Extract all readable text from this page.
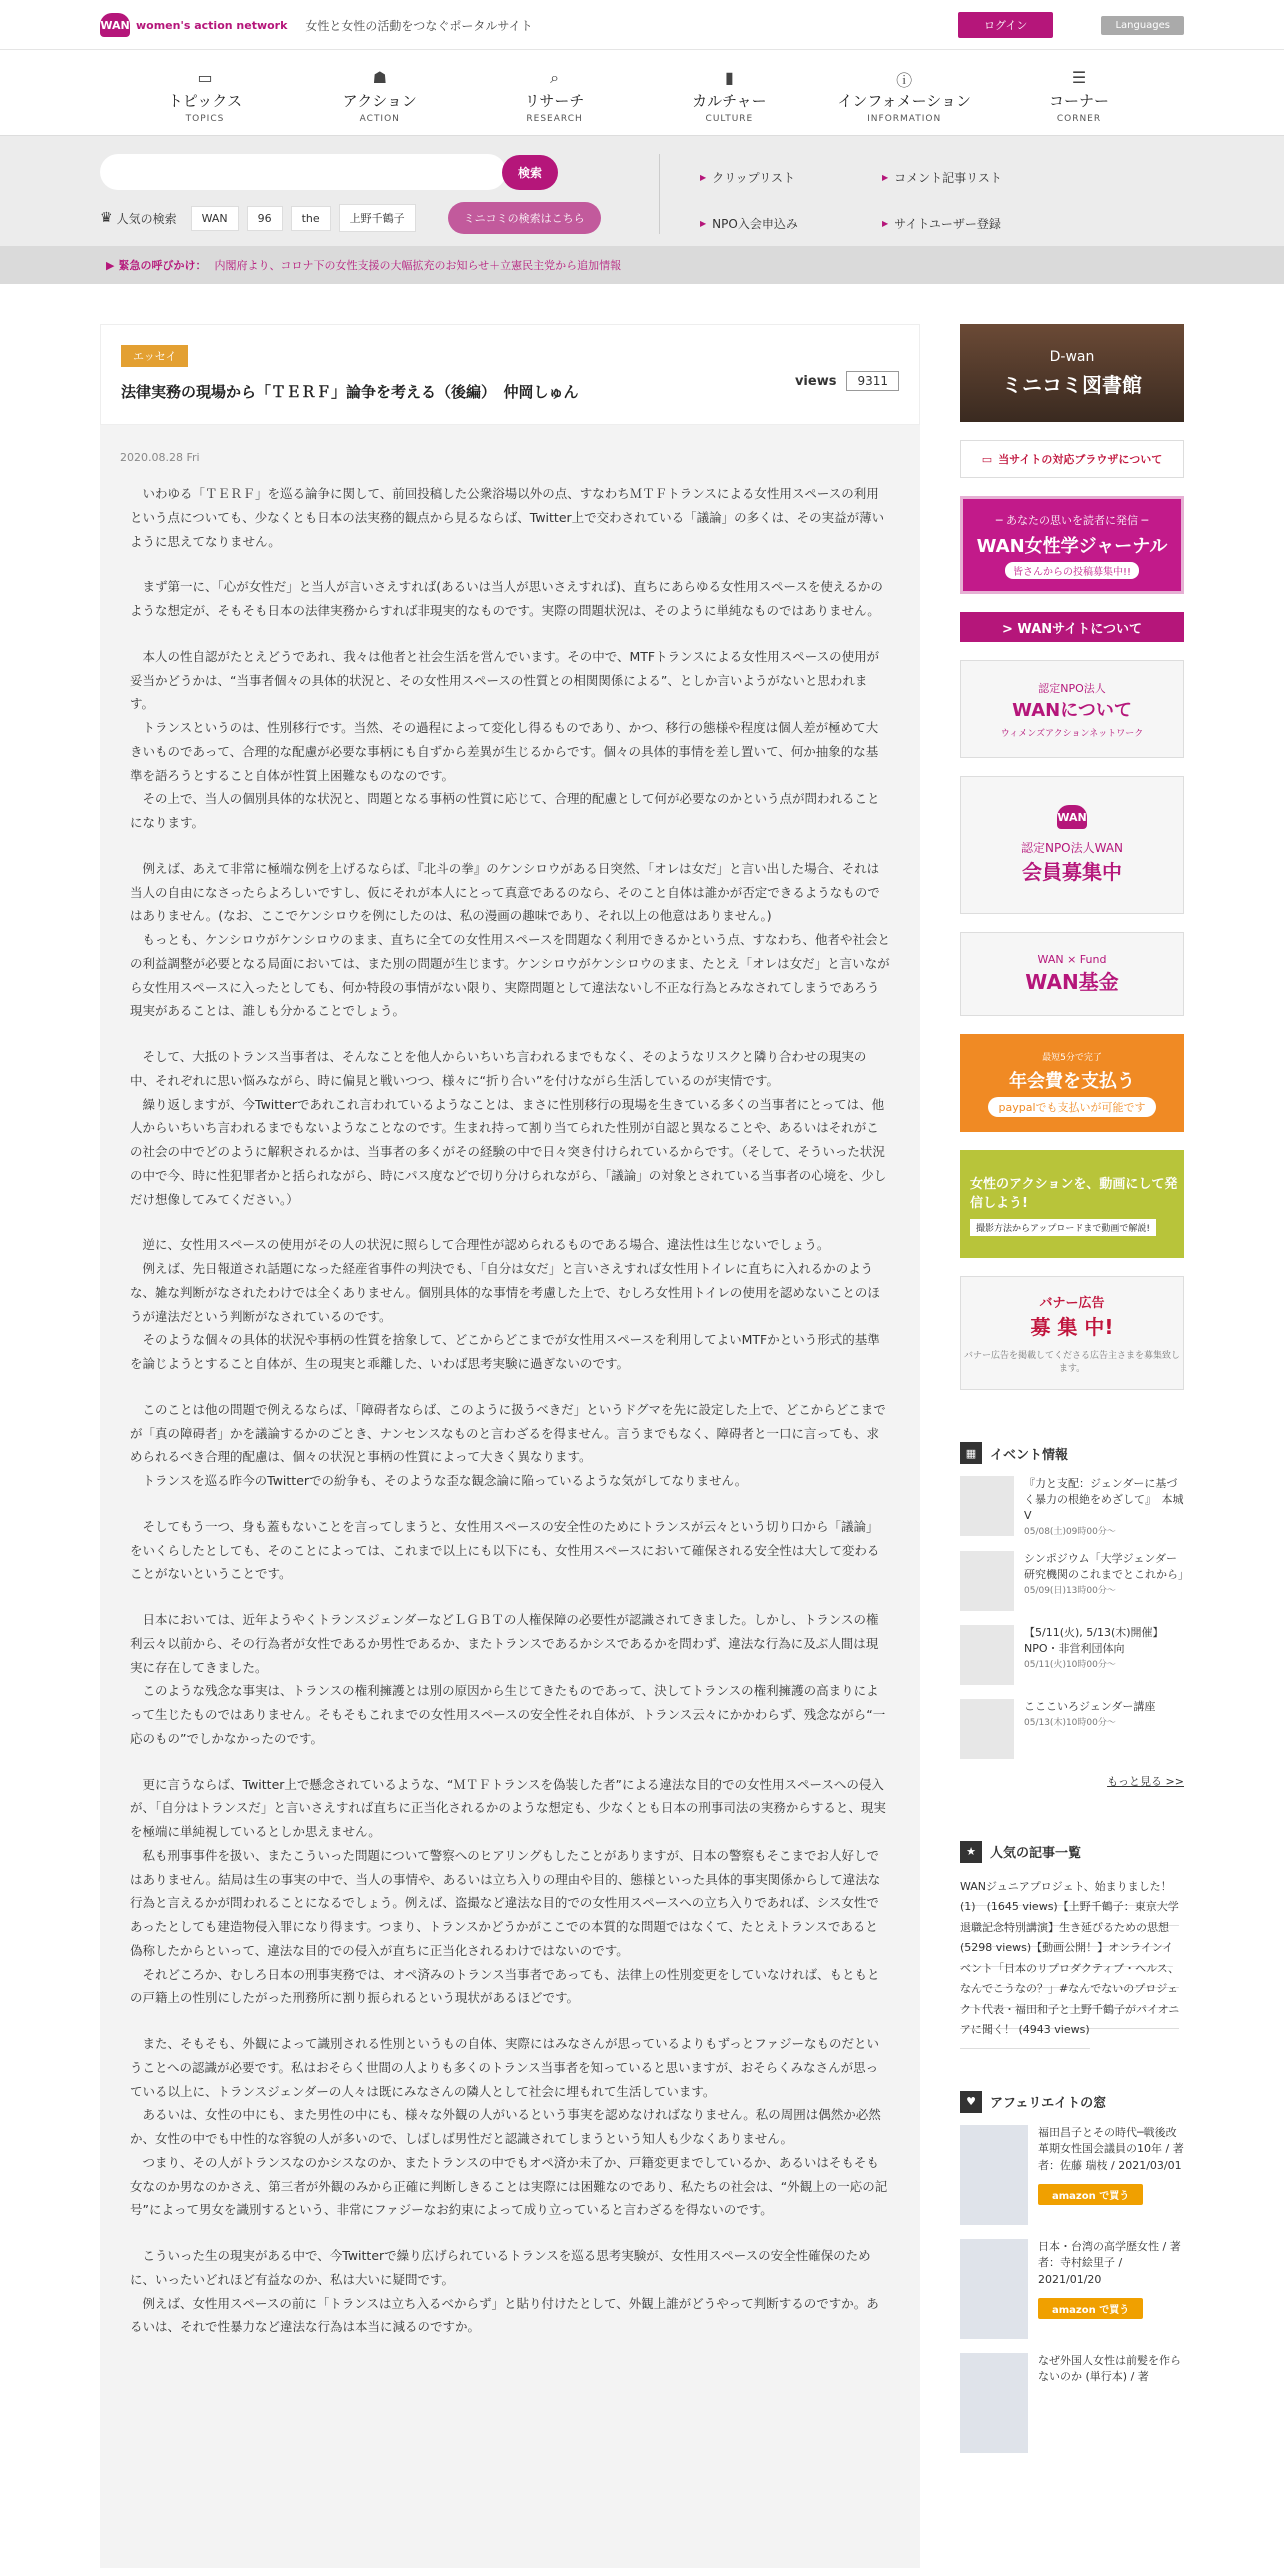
WAN women's action network 女性と女性の活動をつなぐポータルサイト	ログイン	Languages
▭
トピックス
TOPICS
☗
アクション
ACTION
⌕
リサーチ
RESEARCH
▮
カルチャー
CULTURE
ⓘ
インフォメーション
INFORMATION
☰
コーナー
CORNER
検索
♛ 人気の検索	WAN	96	the	上野千鶴子	ミニコミの検索はこちら
▶ クリップリスト	▶ コメント記事リスト
▶ NPO入会申込み	▶ サイトユーザー登録
▶ 緊急の呼びかけ： 内閣府より、コロナ下の女性支援の大幅拡充のお知らせ＋立憲民主党から追加情報
エッセイ
法律実務の現場から「ＴＥＲＦ」論争を考える（後編）　仲岡しゅん
views	9311
2020.08.28 Fri

　いわゆる「ＴＥＲＦ」を巡る論争に関して、前回投稿した公衆浴場以外の点、すなわちＭＴＦトランスによる女性用スペースの利用という点についても、少なくとも日本の法実務的観点から見るならば、Twitter上で交わされている「議論」の多くは、その実益が薄いように思えてなりません。

　まず第一に、「心が女性だ」と当人が言いさえすれば(あるいは当人が思いさえすれば)、直ちにあらゆる女性用スペースを使えるかのような想定が、そもそも日本の法律実務からすれば非現実的なものです。実際の問題状況は、そのように単純なものではありません。

　本人の性自認がたとえどうであれ、我々は他者と社会生活を営んでいます。その中で、MTFトランスによる女性用スペースの使用が妥当かどうかは、“当事者個々の具体的状況と、その女性用スペースの性質との相関関係による”、としか言いようがないと思われます。
　トランスというのは、性別移行です。当然、その過程によって変化し得るものであり、かつ、移行の態様や程度は個人差が極めて大きいものであって、合理的な配慮が必要な事柄にも自ずから差異が生じるからです。個々の具体的事情を差し置いて、何か抽象的な基準を語ろうとすること自体が性質上困難なものなのです。
　その上で、当人の個別具体的な状況と、問題となる事柄の性質に応じて、合理的配慮として何が必要なのかという点が問われることになります。

　例えば、あえて非常に極端な例を上げるならば、『北斗の拳』のケンシロウがある日突然、「オレは女だ」と言い出した場合、それは当人の自由になさったらよろしいですし、仮にそれが本人にとって真意であるのなら、そのこと自体は誰かが否定できるようなものではありません。(なお、ここでケンシロウを例にしたのは、私の漫画の趣味であり、それ以上の他意はありません。)
　もっとも、ケンシロウがケンシロウのまま、直ちに全ての女性用スペースを問題なく利用できるかという点、すなわち、他者や社会との利益調整が必要となる局面においては、また別の問題が生じます。ケンシロウがケンシロウのまま、たとえ「オレは女だ」と言いながら女性用スペースに入ったとしても、何か特段の事情がない限り、実際問題として違法ないし不正な行為とみなされてしまうであろう現実があることは、誰しも分かることでしょう。

　そして、大抵のトランス当事者は、そんなことを他人からいちいち言われるまでもなく、そのようなリスクと隣り合わせの現実の中、それぞれに思い悩みながら、時に偏見と戦いつつ、様々に“折り合い”を付けながら生活しているのが実情です。
　繰り返しますが、今Twitterであれこれ言われているようなことは、まさに性別移行の現場を生きている多くの当事者にとっては、他人からいちいち言われるまでもないようなことなのです。生まれ持って割り当てられた性別が自認と異なることや、あるいはそれがこの社会の中でどのように解釈されるかは、当事者の多くがその経験の中で日々突き付けられているからです。（そして、そういった状況の中で今、時に性犯罪者かと括られながら、時にパス度などで切り分けられながら、「議論」の対象とされている当事者の心境を、少しだけ想像してみてください。）

　逆に、女性用スペースの使用がその人の状況に照らして合理性が認められるものである場合、違法性は生じないでしょう。
　例えば、先日報道され話題になった経産省事件の判決でも、「自分は女だ」と言いさえすれば女性用トイレに直ちに入れるかのような、雑な判断がなされたわけでは全くありません。個別具体的な事情を考慮した上で、むしろ女性用トイレの使用を認めないことのほうが違法だという判断がなされているのです。
　そのような個々の具体的状況や事柄の性質を捨象して、どこからどこまでが女性用スペースを利用してよいMTFかという形式的基準を論じようとすること自体が、生の現実と乖離した、いわば思考実験に過ぎないのです。

　このことは他の問題で例えるならば、「障碍者ならば、このように扱うべきだ」というドグマを先に設定した上で、どこからどこまでが「真の障碍者」かを議論するかのごとき、ナンセンスなものと言わざるを得ません。言うまでもなく、障碍者と一口に言っても、求められるべき合理的配慮は、個々の状況と事柄の性質によって大きく異なります。
　トランスを巡る昨今のTwitterでの紛争も、そのような歪な観念論に陥っているような気がしてなりません。

　そしてもう一つ、身も蓋もないことを言ってしまうと、女性用スペースの安全性のためにトランスが云々という切り口から「議論」をいくらしたとしても、そのことによっては、これまで以上にも以下にも、女性用スペースにおいて確保される安全性は大して変わることがないということです。

　日本においては、近年ようやくトランスジェンダーなどＬＧＢＴの人権保障の必要性が認識されてきました。しかし、トランスの権利云々以前から、その行為者が女性であるか男性であるか、またトランスであるかシスであるかを問わず、違法な行為に及ぶ人間は現実に存在してきました。
　このような残念な事実は、トランスの権利擁護とは別の原因から生じてきたものであって、決してトランスの権利擁護の高まりによって生じたものではありません。そもそもこれまでの女性用スペースの安全性それ自体が、トランス云々にかかわらず、残念ながら“一応のもの”でしかなかったのです。

　更に言うならば、Twitter上で懸念されているような、“ＭＴＦトランスを偽装した者”による違法な目的での女性用スペースへの侵入が、「自分はトランスだ」と言いさえすれば直ちに正当化されるかのような想定も、少なくとも日本の刑事司法の実務からすると、現実を極端に単純視しているとしか思えません。
　私も刑事事件を扱い、またこういった問題について警察へのヒアリングもしたことがありますが、日本の警察もそこまでお人好しではありません。結局は生の事実の中で、当人の事情や、あるいは立ち入りの理由や目的、態様といった具体的事実関係からして違法な行為と言えるかが問われることになるでしょう。例えば、盗撮など違法な目的での女性用スペースへの立ち入りであれば、シス女性であったとしても建造物侵入罪になり得ます。つまり、トランスかどうかがここでの本質的な問題ではなくて、たとえトランスであると偽称したからといって、違法な目的での侵入が直ちに正当化されるわけではないのです。
　それどころか、むしろ日本の刑事実務では、オペ済みのトランス当事者であっても、法律上の性別変更をしていなければ、もともとの戸籍上の性別にしたがった刑務所に割り振られるという現状があるほどです。

　また、そもそも、外観によって識別される性別というもの自体、実際にはみなさんが思っているよりもずっとファジーなものだということへの認識が必要です。私はおそらく世間の人よりも多くのトランス当事者を知っていると思いますが、おそらくみなさんが思っている以上に、トランスジェンダーの人々は既にみなさんの隣人として社会に埋もれて生活しています。
　あるいは、女性の中にも、また男性の中にも、様々な外観の人がいるという事実を認めなければなりません。私の周囲は偶然か必然か、女性の中でも中性的な容貌の人が多いので、しばしば男性だと認識されてしまうという知人も少なくありません。
　つまり、その人がトランスなのかシスなのか、またトランスの中でもオペ済か未了か、戸籍変更までしているか、あるいはそもそも女なのか男なのかさえ、第三者が外観のみから正確に判断しきることは実際には困難なのであり、私たちの社会は、“外観上の一応の記号”によって男女を識別するという、非常にファジーなお約束によって成り立っていると言わざるを得ないのです。

　こういった生の現実がある中で、今Twitterで繰り広げられているトランスを巡る思考実験が、女性用スペースの安全性確保のために、いったいどれほど有益なのか、私は大いに疑問です。
　例えば、女性用スペースの前に「トランスは立ち入るべからず」と貼り付けたとして、外観上誰がどうやって判断するのですか。あるいは、それで性暴力など違法な行為は本当に減るのですか。

D-wan
ミニコミ図書館
▭ 当サイトの対応ブラウザについて
─ あなたの思いを読者に発信 ─
WAN女性学ジャーナル
皆さんからの投稿募集中!!
> WANサイトについて
認定NPO法人
WANについて
ウィメンズアクションネットワーク
WAN
認定NPO法人WAN
会員募集中
WAN × Fund
WAN基金
最短5分で完了
年会費を支払う
paypalでも支払いが可能です
女性のアクションを、動画にして発信しよう!
撮影方法からアップロードまで動画で解説!
バナー広告
募 集 中!
バナー広告を掲載してくださる広告主さまを募集致します。
▦	イベント情報
『力と支配：ジェンダーに基づく暴力の根絶をめざして』　本城V
05/08(土)09時00分～
シンポジウム「大学ジェンダー研究機関のこれまでとこれから」
05/09(日)13時00分～
【5/11(火), 5/13(木)開催】NPO・非営利団体向
05/11(火)10時00分～
こここいろジェンダー講座
05/13(木)10時00分～
もっと見る >>
★	人気の記事一覧
WANジュニアプロジェト、始まりました！ (1)　(1645 views)【上野千鶴子：東京大学退職記念特別講演】生き延びるための思想 (5298 views)【動画公開！】オンラインイベント「日本のリプロダクティブ・ヘルス、なんでこうなの？」#なんでないのプロジェクト代表・福田和子と上野千鶴子がパイオニアに聞く！ (4943 views)
♥	アフェリエイトの窓
福田昌子とその時代─戦後改革期女性国会議員の10年 / 著者：佐藤 瑞枝 / 2021/03/01
amazon で買う
日本・台湾の高学歴女性 / 著者：寺村絵里子 / 2021/01/20
amazon で買う
なぜ外国人女性は前髪を作らないのか (単行本) / 著
